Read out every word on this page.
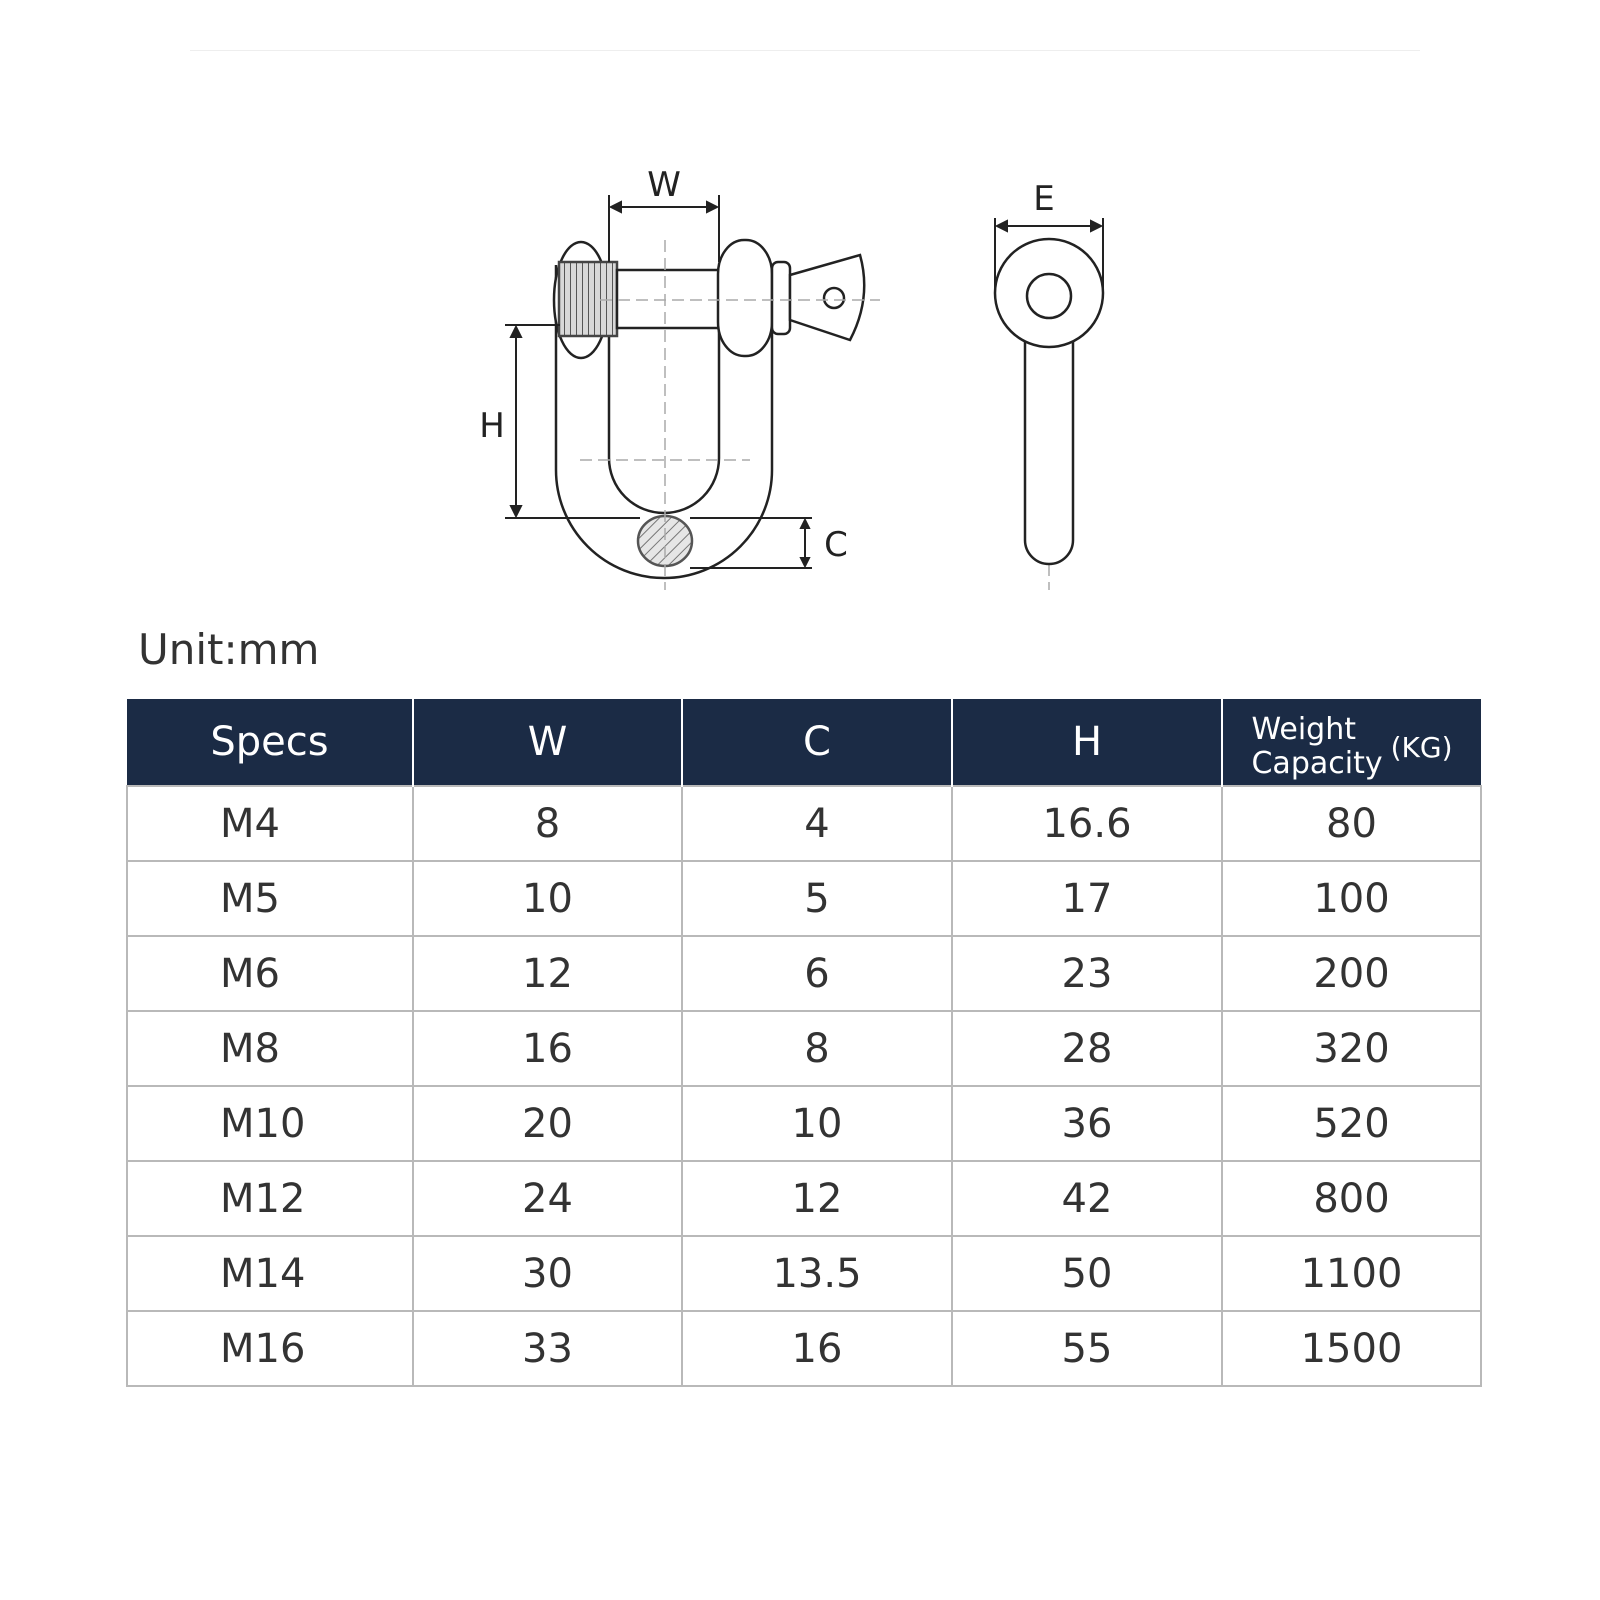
W
H
C
E
Unit:mm
Specs	W	C	H	Weight
Capacity (KG)

M4	8	4	16.6	80
M5	10	5	17	100
M6	12	6	23	200
M8	16	8	28	320
M10	20	10	36	520
M12	24	12	42	800
M14	30	13.5	50	1100
M16	33	16	55	1500
